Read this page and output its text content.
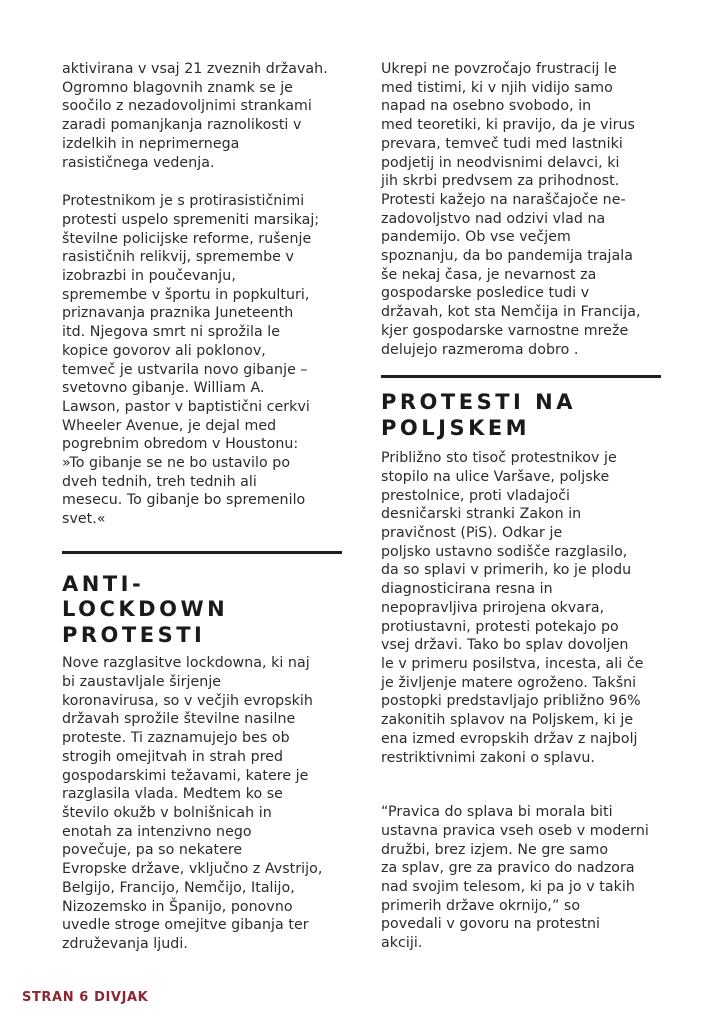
aktivirana v vsaj 21 zveznih državah.
Ogromno blagovnih znamk se je
soočilo z nezadovoljnimi strankami
zaradi pomanjkanja raznolikosti v
izdelkih in neprimernega
rasističnega vedenja.

Protestnikom je s protirasističnimi
protesti uspelo spremeniti marsikaj;
številne policijske reforme, rušenje
rasističnih relikvij, spremembe v
izobrazbi in poučevanju,
spremembe v športu in popkulturi,
priznavanja praznika Juneteenth
itd. Njegova smrt ni sprožila le
kopice govorov ali poklonov,
temveč je ustvarila novo gibanje –
svetovno gibanje. William A.
Lawson, pastor v baptistični cerkvi
Wheeler Avenue, je dejal med
pogrebnim obredom v Houstonu:
»To gibanje se ne bo ustavilo po
dveh tednih, treh tednih ali
mesecu. To gibanje bo spremenilo
svet.«

ANTI-
LOCKDOWN
PROTESTI

Nove razglasitve lockdowna, ki naj
bi zaustavljale širjenje
koronavirusa, so v večjih evropskih
državah sprožile številne nasilne
proteste. Ti zaznamujejo bes ob
strogih omejitvah in strah pred
gospodarskimi težavami, katere je
razglasila vlada. Medtem ko se
število okužb v bolnišnicah in
enotah za intenzivno nego
povečuje, pa so nekatere
Evropske države, vključno z Avstrijo,
Belgijo, Francijo, Nemčijo, Italijo,
Nizozemsko in Španijo, ponovno
uvedle stroge omejitve gibanja ter
združevanja ljudi.

Ukrepi ne povzročajo frustracij le
med tistimi, ki v njih vidijo samo
napad na osebno svobodo, in
med teoretiki, ki pravijo, da je virus
prevara, temveč tudi med lastniki
podjetij in neodvisnimi delavci, ki
jih skrbi predvsem za prihodnost.
Protesti kažejo na naraščajoče ne-
zadovoljstvo nad odzivi vlad na
pandemijo. Ob vse večjem
spoznanju, da bo pandemija trajala
še nekaj časa, je nevarnost za
gospodarske posledice tudi v
državah, kot sta Nemčija in Francija,
kjer gospodarske varnostne mreže
delujejo razmeroma dobro .

PROTESTI NA
POLJSKEM

Približno sto tisoč protestnikov je
stopilo na ulice Varšave, poljske
prestolnice, proti vladajoči
desničarski stranki Zakon in
pravičnost (PiS). Odkar je
poljsko ustavno sodišče razglasilo,
da so splavi v primerih, ko je plodu
diagnosticirana resna in
nepopravljiva prirojena okvara,
protiustavni, protesti potekajo po
vsej državi. Tako bo splav dovoljen
le v primeru posilstva, incesta, ali če
je življenje matere ogroženo. Takšni
postopki predstavljajo približno 96%
zakonitih splavov na Poljskem, ki je
ena izmed evropskih držav z najbolj
restriktivnimi zakoni o splavu.

“Pravica do splava bi morala biti
ustavna pravica vseh oseb v moderni
družbi, brez izjem. Ne gre samo
za splav, gre za pravico do nadzora
nad svojim telesom, ki pa jo v takih
primerih države okrnijo,” so
povedali v govoru na protestni
akciji.

STRAN 6 DIVJAK
